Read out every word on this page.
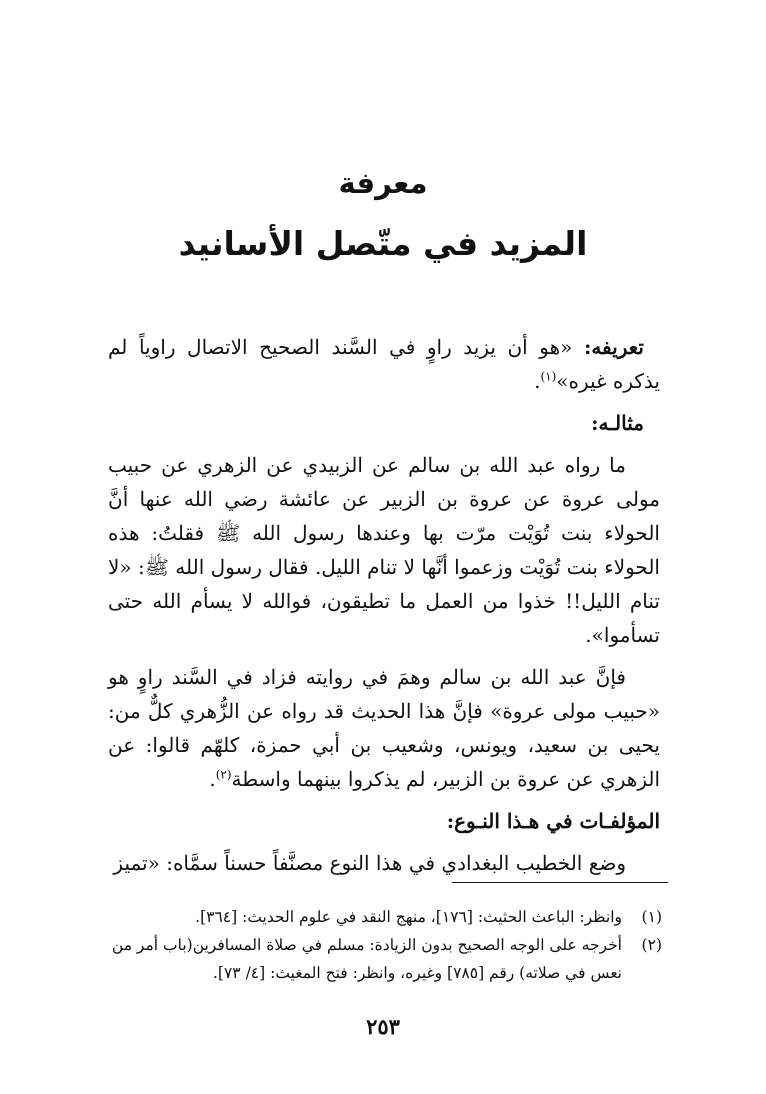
معرفة
المزيد في متّصل الأسانيد

تعريفه: «هو أن يزيد راوٍ في السَّند الصحيح الاتصال راوياً لم يذكره غيره»$^{(١)}$.

مثالـه:

ما رواه عبد الله بن سالم عن الزبيدي عن الزهري عن حبيب مولى عروة عن عروة بن الزبير عن عائشة رضي الله عنها أنَّ الحولاء بنت تُوَيْت مرّت بها وعندها رسول الله ﷺ فقلتُ: هذه الحولاء بنت تُوَيْت وزعموا أنَّها لا تنام الليل. فقال رسول الله ﷺ: «لا تنام الليل!! خذوا من العمل ما تطيقون، فوالله لا يسأم الله حتى تسأموا».

فإنَّ عبد الله بن سالم وهمَ في روايته فزاد في السَّند راوٍ هو «حبيب مولى عروة» فإنَّ هذا الحديث قد رواه عن الزُّهري كلٌّ من: يحيى بن سعيد، ويونس، وشعيب بن أبي حمزة، كلهّم قالوا: عن الزهري عن عروة بن الزبير، لم يذكروا بينهما واسطة$^{(٢)}$.

المؤلفـات في هـذا النـوع:

وضع الخطيب البغدادي في هذا النوع مصنَّفاً حسناً سمَّاه: «تميز

(١)
وانظر: الباعث الحثيث: [١٧٦]، منهج النقد في علوم الحديث: [٣٦٤].
(٢)
أخرجه على الوجه الصحيح بدون الزيادة: مسلم في صلاة المسافرين(باب أمر من نعس في صلاته) رقم [٧٨٥] وغيره، وانظر: فتح المغيث: [٤/ ٧٣].
٢٥٣
